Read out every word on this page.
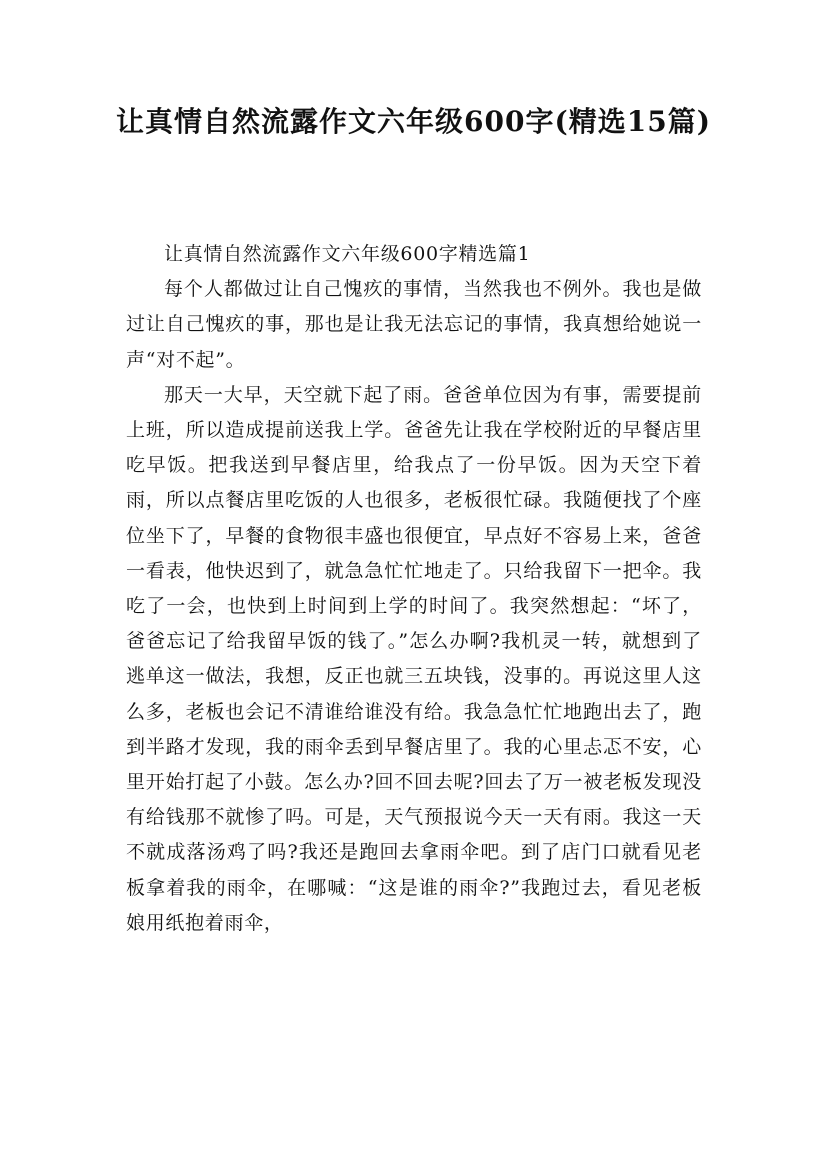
让真情自然流露作文六年级600字(精选15篇)

让真情自然流露作文六年级600字精选篇1

每个人都做过让自己愧疚的事情，当然我也不例外。我也是做过让自己愧疚的事，那也是让我无法忘记的事情，我真想给她说一声“对不起”。

那天一大早，天空就下起了雨。爸爸单位因为有事，需要提前上班，所以造成提前送我上学。爸爸先让我在学校附近的早餐店里吃早饭。把我送到早餐店里，给我点了一份早饭。因为天空下着雨，所以点餐店里吃饭的人也很多，老板很忙碌。我随便找了个座位坐下了，早餐的食物很丰盛也很便宜，早点好不容易上来，爸爸一看表，他快迟到了，就急急忙忙地走了。只给我留下一把伞。我吃了一会，也快到上时间到上学的时间了。我突然想起：“坏了，爸爸忘记了给我留早饭的钱了。”怎么办啊?我机灵一转，就想到了逃单这一做法，我想，反正也就三五块钱，没事的。再说这里人这么多，老板也会记不清谁给谁没有给。我急急忙忙地跑出去了，跑到半路才发现，我的雨伞丢到早餐店里了。我的心里忐忑不安，心里开始打起了小鼓。怎么办?回不回去呢?回去了万一被老板发现没有给钱那不就惨了吗。可是，天气预报说今天一天有雨。我这一天不就成落汤鸡了吗?我还是跑回去拿雨伞吧。到了店门口就看见老板拿着我的雨伞，在哪喊：“这是谁的雨伞?”我跑过去，看见老板娘用纸抱着雨伞，
